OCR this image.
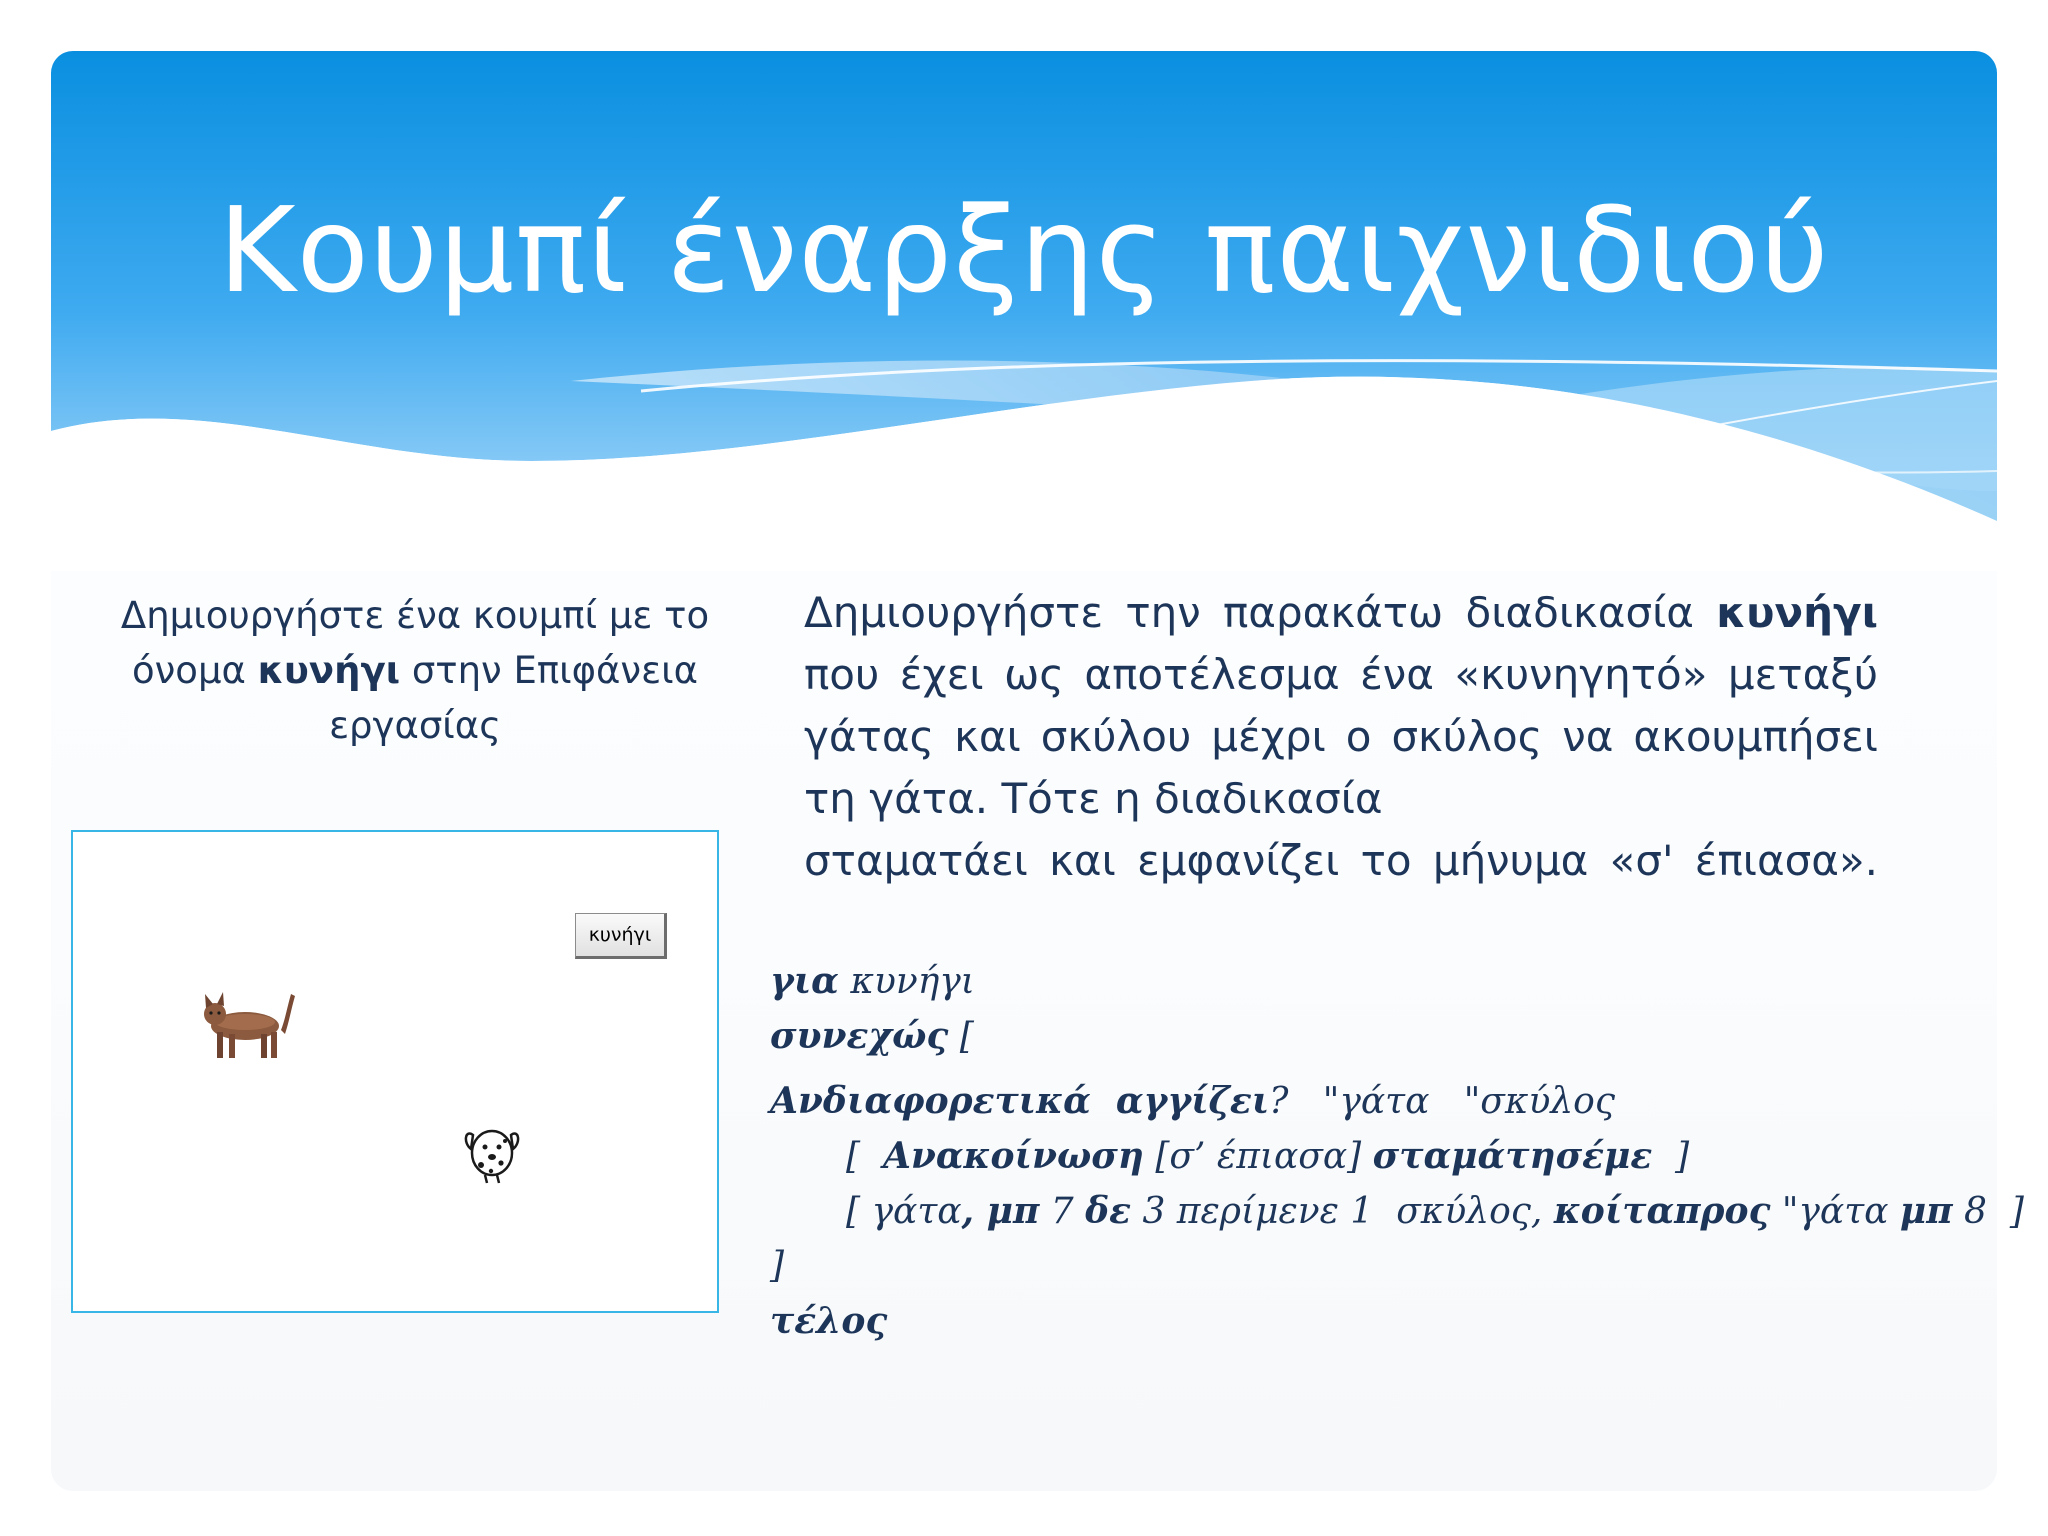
Κουμπί έναρξης παιχνιδιού
Δημιουργήστε ένα κουμπί με το όνομα κυνήγι στην Επιφάνεια εργασίας
κυνήγι
Δημιουργήστε την παρακάτω διαδικασία κυνήγι που έχει ως αποτέλεσμα ένα «κυνηγητό» μεταξύ γάτας και σκύλου μέχρι ο σκύλος να ακουμπήσει τη γάτα. Τότε η διαδικασία
σταματάει και εμφανίζει το μήνυμα «σ' έπιασα».
για κυνήγι
συνεχώς [
Ανδιαφορετικά  αγγίζει?   "γάτα   "σκύλος
[  Ανακοίνωση [σ’ έπιασα] σταμάτησέμε  ]
[ γάτα, μπ 7 δε 3 περίμενε 1  σκύλος, κοίταπρος "γάτα μπ 8  ]
]
τέλος
